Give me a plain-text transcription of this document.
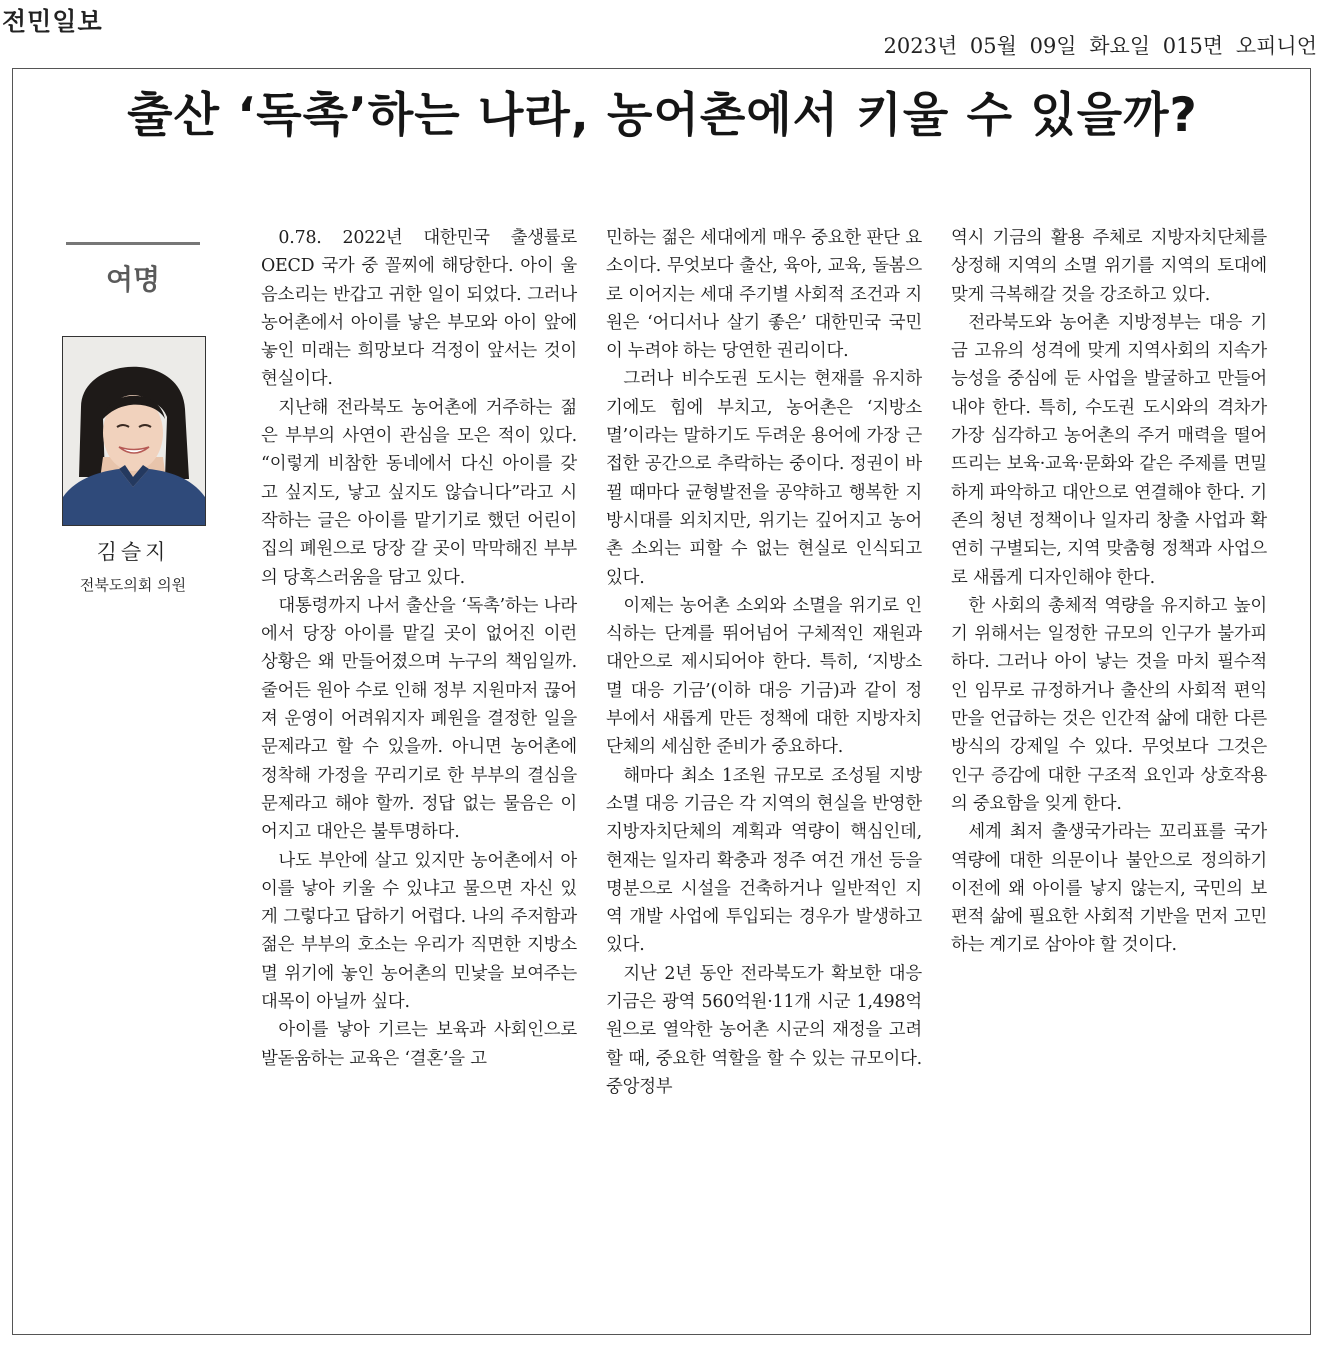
전민일보
2023년 05월 09일 화요일 015면 오피니언
출산 ‘독촉’하는 나라, 농어촌에서 키울 수 있을까?
여명
김슬지
전북도의회 의원

0.78. 2022년 대한민국 출생률로 OECD 국가 중 꼴찌에 해당한다. 아이 울음소리는 반갑고 귀한 일이 되었다. 그러나 농어촌에서 아이를 낳은 부모와 아이 앞에 놓인 미래는 희망보다 걱정이 앞서는 것이 현실이다.

지난해 전라북도 농어촌에 거주하는 젊은 부부의 사연이 관심을 모은 적이 있다. “이렇게 비참한 동네에서 다신 아이를 갖고 싶지도, 낳고 싶지도 않습니다”라고 시작하는 글은 아이를 맡기기로 했던 어린이집의 폐원으로 당장 갈 곳이 막막해진 부부의 당혹스러움을 담고 있다.

대통령까지 나서 출산을 ‘독촉’하는 나라에서 당장 아이를 맡길 곳이 없어진 이런 상황은 왜 만들어졌으며 누구의 책임일까. 줄어든 원아 수로 인해 정부 지원마저 끊어져 운영이 어려워지자 폐원을 결정한 일을 문제라고 할 수 있을까. 아니면 농어촌에 정착해 가정을 꾸리기로 한 부부의 결심을 문제라고 해야 할까. 정답 없는 물음은 이어지고 대안은 불투명하다.

나도 부안에 살고 있지만 농어촌에서 아이를 낳아 키울 수 있냐고 물으면 자신 있게 그렇다고 답하기 어렵다. 나의 주저함과 젊은 부부의 호소는 우리가 직면한 지방소멸 위기에 놓인 농어촌의 민낯을 보여주는 대목이 아닐까 싶다.

아이를 낳아 기르는 보육과 사회인으로 발돋움하는 교육은 ‘결혼’을 고

민하는 젊은 세대에게 매우 중요한 판단 요소이다. 무엇보다 출산, 육아, 교육, 돌봄으로 이어지는 세대 주기별 사회적 조건과 지원은 ‘어디서나 살기 좋은’ 대한민국 국민이 누려야 하는 당연한 권리이다.

그러나 비수도권 도시는 현재를 유지하기에도 힘에 부치고, 농어촌은 ‘지방소멸’이라는 말하기도 두려운 용어에 가장 근접한 공간으로 추락하는 중이다. 정권이 바뀔 때마다 균형발전을 공약하고 행복한 지방시대를 외치지만, 위기는 깊어지고 농어촌 소외는 피할 수 없는 현실로 인식되고 있다.

이제는 농어촌 소외와 소멸을 위기로 인식하는 단계를 뛰어넘어 구체적인 재원과 대안으로 제시되어야 한다. 특히, ‘지방소멸 대응 기금’(이하 대응 기금)과 같이 정부에서 새롭게 만든 정책에 대한 지방자치단체의 세심한 준비가 중요하다.

해마다 최소 1조원 규모로 조성될 지방소멸 대응 기금은 각 지역의 현실을 반영한 지방자치단체의 계획과 역량이 핵심인데, 현재는 일자리 확충과 정주 여건 개선 등을 명분으로 시설을 건축하거나 일반적인 지역 개발 사업에 투입되는 경우가 발생하고 있다.

지난 2년 동안 전라북도가 확보한 대응 기금은 광역 560억원·11개 시군 1,498억원으로 열악한 농어촌 시군의 재정을 고려할 때, 중요한 역할을 할 수 있는 규모이다. 중앙정부

역시 기금의 활용 주체로 지방자치단체를 상정해 지역의 소멸 위기를 지역의 토대에 맞게 극복해갈 것을 강조하고 있다.

전라북도와 농어촌 지방정부는 대응 기금 고유의 성격에 맞게 지역사회의 지속가능성을 중심에 둔 사업을 발굴하고 만들어내야 한다. 특히, 수도권 도시와의 격차가 가장 심각하고 농어촌의 주거 매력을 떨어뜨리는 보육·교육·문화와 같은 주제를 면밀하게 파악하고 대안으로 연결해야 한다. 기존의 청년 정책이나 일자리 창출 사업과 확연히 구별되는, 지역 맞춤형 정책과 사업으로 새롭게 디자인해야 한다.

한 사회의 총체적 역량을 유지하고 높이기 위해서는 일정한 규모의 인구가 불가피하다. 그러나 아이 낳는 것을 마치 필수적인 임무로 규정하거나 출산의 사회적 편익만을 언급하는 것은 인간적 삶에 대한 다른 방식의 강제일 수 있다. 무엇보다 그것은 인구 증감에 대한 구조적 요인과 상호작용의 중요함을 잊게 한다.

세계 최저 출생국가라는 꼬리표를 국가 역량에 대한 의문이나 불안으로 정의하기 이전에 왜 아이를 낳지 않는지, 국민의 보편적 삶에 필요한 사회적 기반을 먼저 고민하는 계기로 삼아야 할 것이다.
